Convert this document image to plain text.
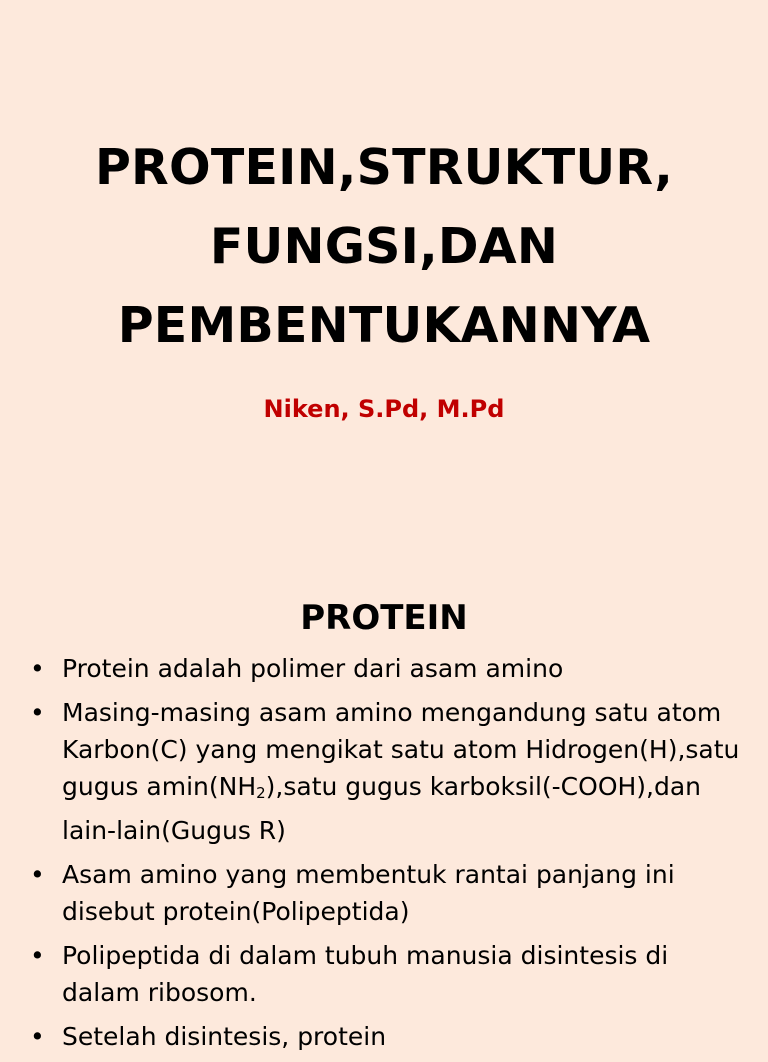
PROTEIN,STRUKTUR,
FUNGSI,DAN
PEMBENTUKANNYA
Niken, S.Pd, M.Pd
PROTEIN
• Protein adalah polimer dari asam amino
• Masing-masing asam amino mengandung satu atom Karbon(C) yang mengikat satu atom Hidrogen(H),satu gugus $amin(NH_2),satu$ gugus karboksil(-COOH),dan lain-lain(Gugus R)
• Asam amino yang membentuk rantai panjang ini disebut protein(Polipeptida)
• Polipeptida di dalam tubuh manusia disintesis di dalam ribosom.
• Setelah disintesis, protein
